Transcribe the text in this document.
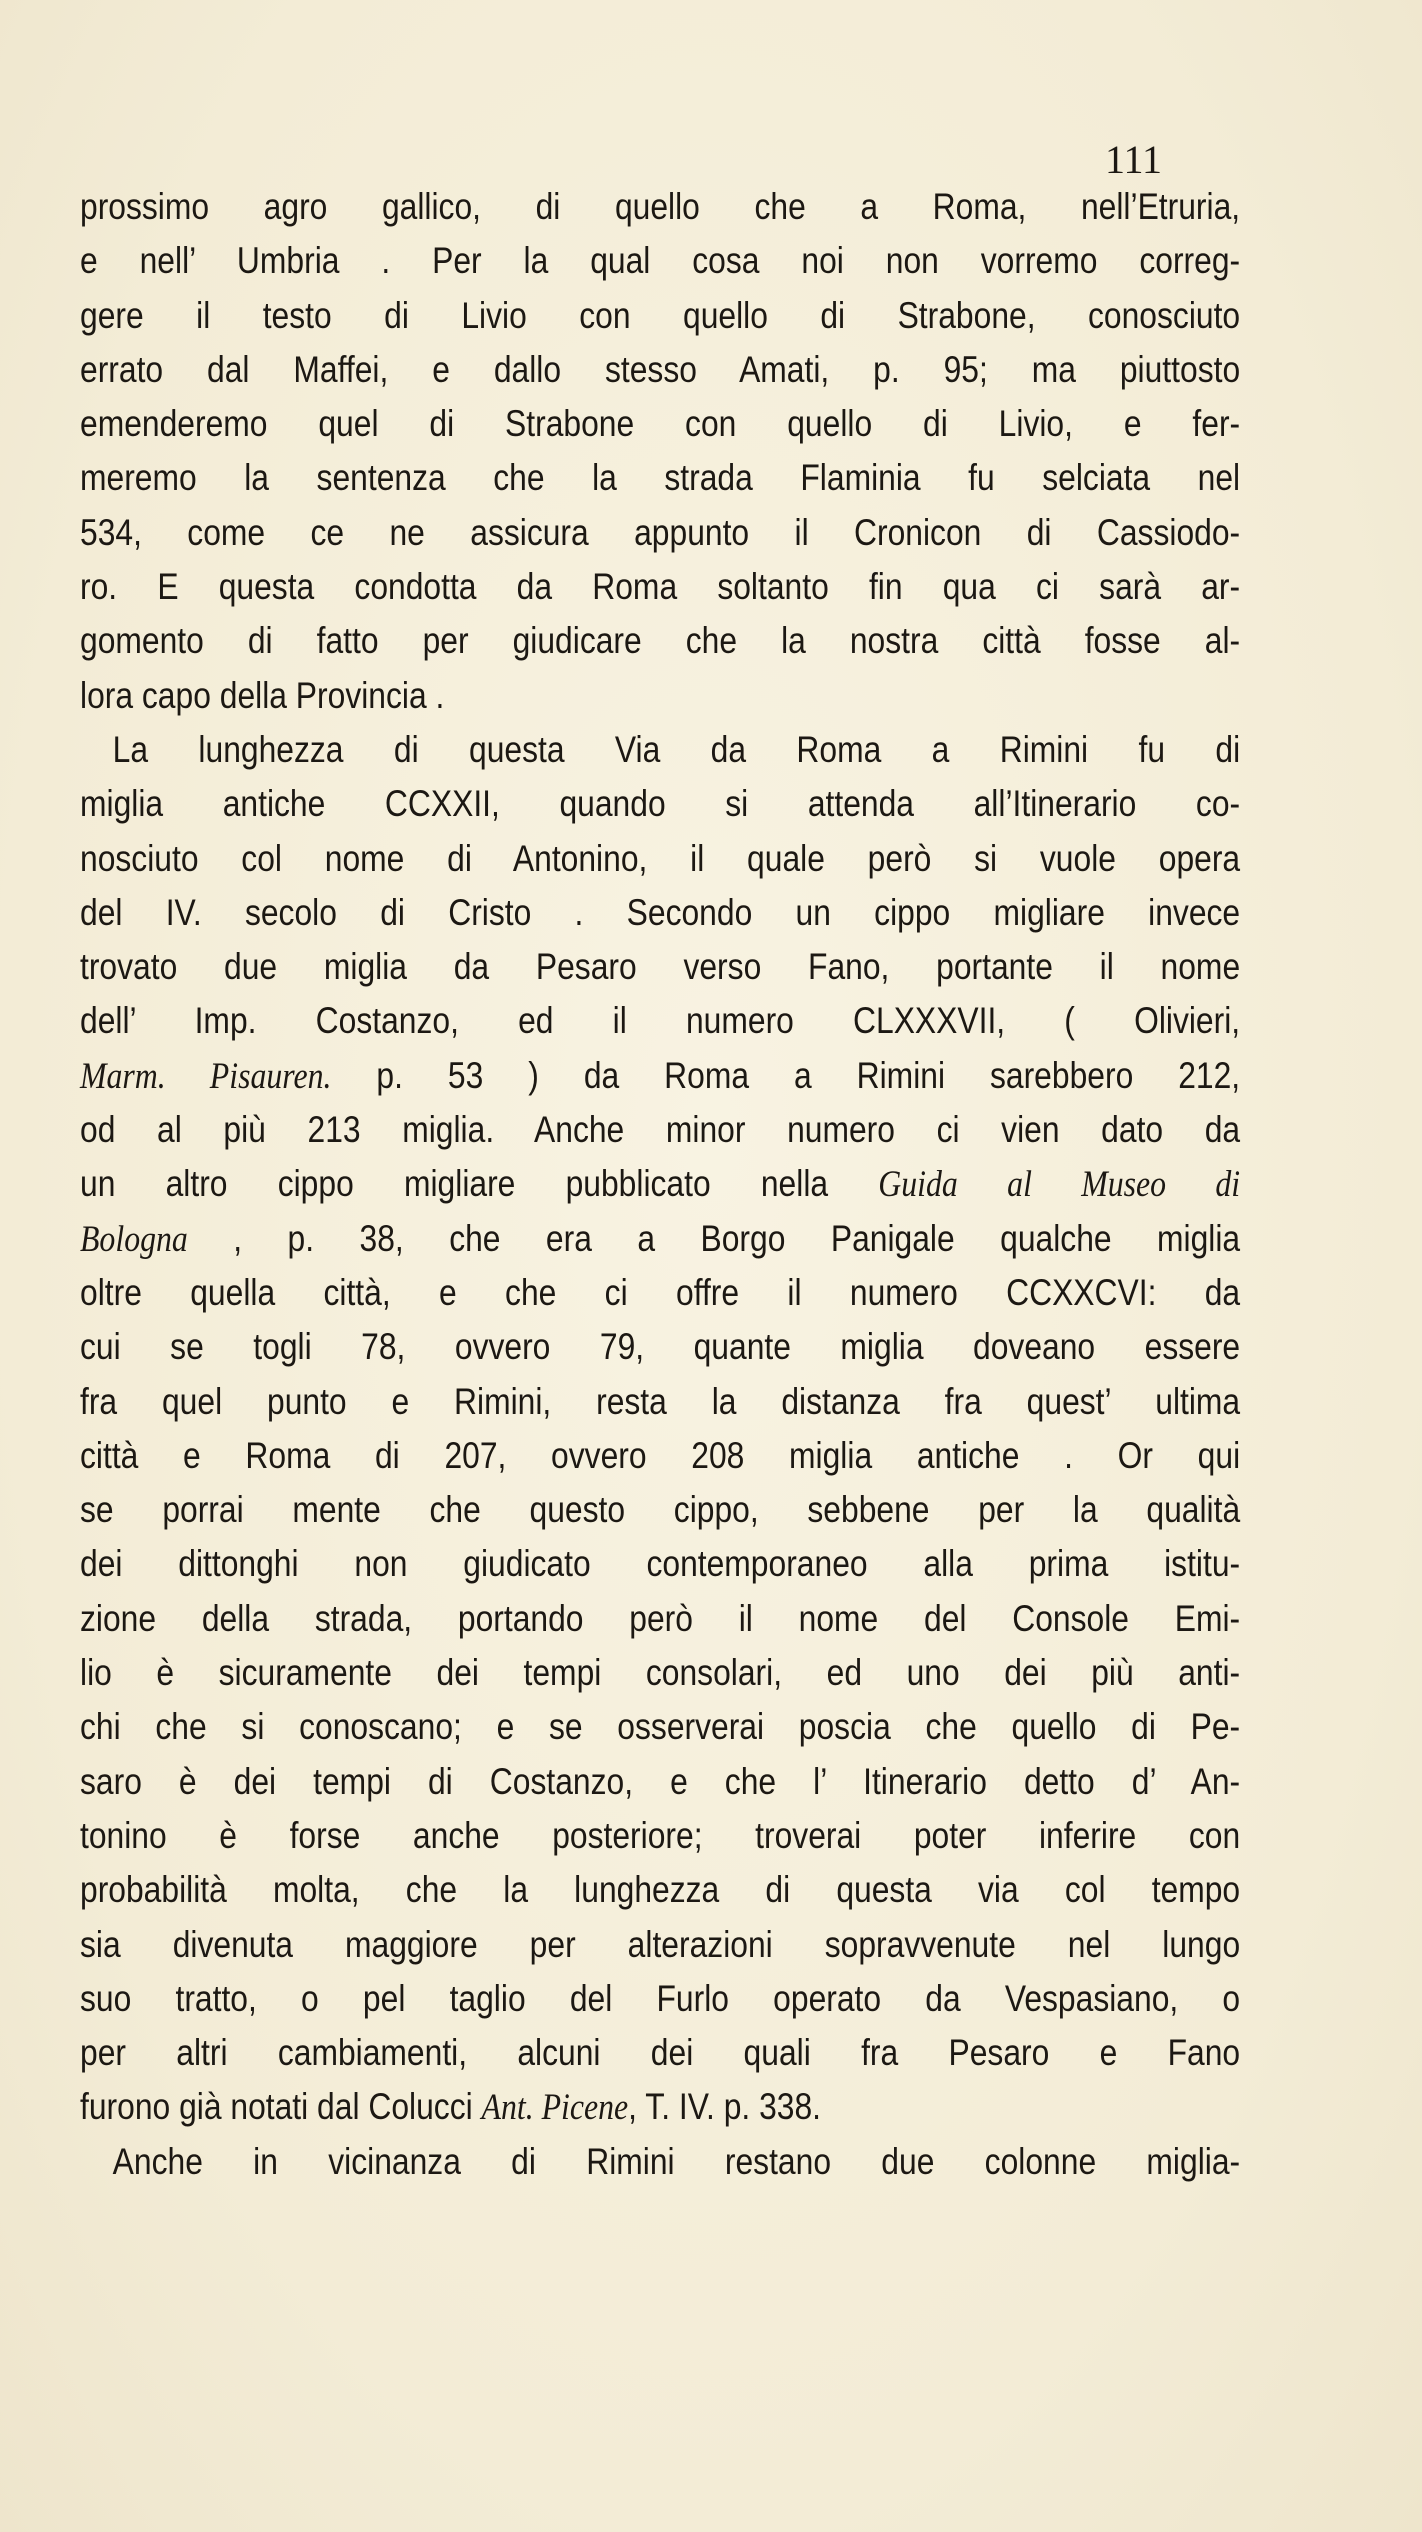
111
prossimo agro gallico, di quello che a Roma, nell’Etruria,
e nell’ Umbria . Per la qual cosa noi non vorremo correg-
gere il testo di Livio con quello di Strabone, conosciuto
errato dal Maffei, e dallo stesso Amati, p. 95; ma piuttosto
emenderemo quel di Strabone con quello di Livio, e fer-
meremo la sentenza che la strada Flaminia fu selciata nel
534, come ce ne assicura appunto il Cronicon di Cassiodo-
ro. E questa condotta da Roma soltanto fin qua ci sarà ar-
gomento di fatto per giudicare che la nostra città fosse al-
lora capo della Provincia .
La lunghezza di questa Via da Roma a Rimini fu di
miglia antiche CCXXII, quando si attenda all’Itinerario co-
nosciuto col nome di Antonino, il quale però si vuole opera
del IV. secolo di Cristo . Secondo un cippo migliare invece
trovato due miglia da Pesaro verso Fano, portante il nome
dell’ Imp. Costanzo, ed il numero CLXXXVII, ( Olivieri,
Marm. Pisauren. p. 53 ) da Roma a Rimini sarebbero 212,
od al più 213 miglia. Anche minor numero ci vien dato da
un altro cippo migliare pubblicato nella Guida al Museo di
Bologna , p. 38, che era a Borgo Panigale qualche miglia
oltre quella città, e che ci offre il numero CCXXCVI: da
cui se togli 78, ovvero 79, quante miglia doveano essere
fra quel punto e Rimini, resta la distanza fra quest’ ultima
città e Roma di 207, ovvero 208 miglia antiche . Or qui
se porrai mente che questo cippo, sebbene per la qualità
dei dittonghi non giudicato contemporaneo alla prima istitu-
zione della strada, portando però il nome del Console Emi-
lio è sicuramente dei tempi consolari, ed uno dei più anti-
chi che si conoscano; e se osserverai poscia che quello di Pe-
saro è dei tempi di Costanzo, e che l’ Itinerario detto d’ An-
tonino è forse anche posteriore; troverai poter inferire con
probabilità molta, che la lunghezza di questa via col tempo
sia divenuta maggiore per alterazioni sopravvenute nel lungo
suo tratto, o pel taglio del Furlo operato da Vespasiano, o
per altri cambiamenti, alcuni dei quali fra Pesaro e Fano
furono già notati dal Colucci Ant. Picene, T. IV. p. 338.
Anche in vicinanza di Rimini restano due colonne miglia-
